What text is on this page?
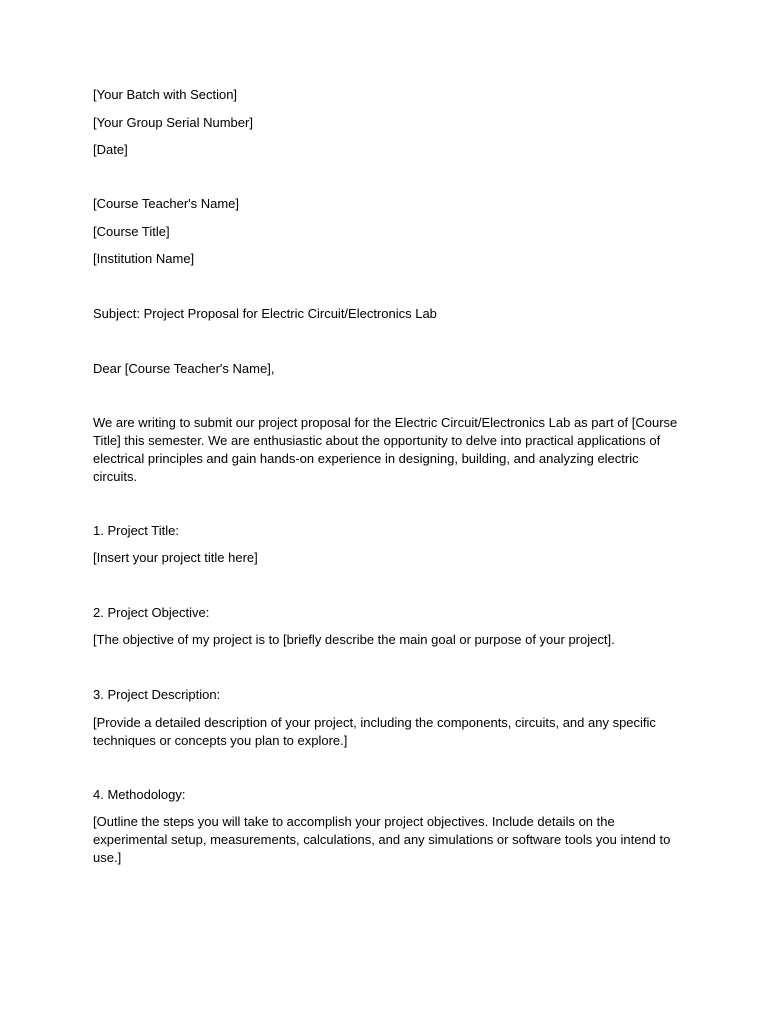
[Your Batch with Section]

[Your Group Serial Number]

[Date]

[Course Teacher's Name]

[Course Title]

[Institution Name]

Subject: Project Proposal for Electric Circuit/Electronics Lab

Dear [Course Teacher's Name],

We are writing to submit our project proposal for the Electric Circuit/Electronics Lab as part of [Course Title] this semester. We are enthusiastic about the opportunity to delve into practical applications of electrical principles and gain hands-on experience in designing, building, and analyzing electric circuits.

1. Project Title:

[Insert your project title here]

2. Project Objective:

[The objective of my project is to [briefly describe the main goal or purpose of your project].

3. Project Description:

[Provide a detailed description of your project, including the components, circuits, and any specific techniques or concepts you plan to explore.]

4. Methodology:

[Outline the steps you will take to accomplish your project objectives. Include details on the experimental setup, measurements, calculations, and any simulations or software tools you intend to use.]
